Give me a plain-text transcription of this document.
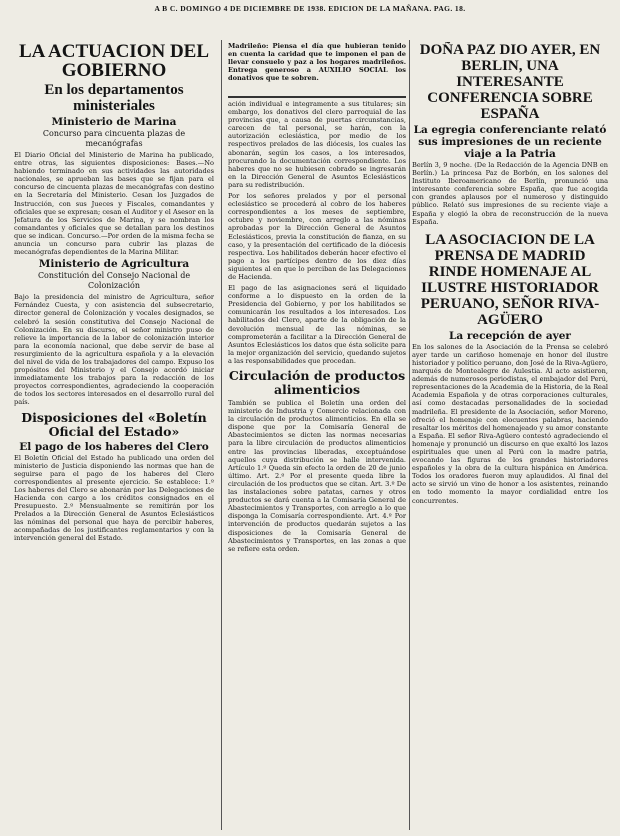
A B C. DOMINGO 4 DE DICIEMBRE DE 1938. EDICION DE LA MAÑANA. PAG. 18.
LA ACTUACION DEL GOBIERNO
En los departamentos ministeriales
Ministerio de Marina
Concurso para cincuenta plazas de mecanógrafas

El Diario Oficial del Ministerio de Marina ha publicado, entre otras, las siguientes disposiciones: Bases.—No habiendo terminado en sus actividades las autoridades nacionales, se aprueban las bases que se fijan para el concurso de cincuenta plazas de mecanógrafas con destino en la Secretaría del Ministerio. Cesan los Juzgados de Instrucción, con sus Jueces y Fiscales, comandantes y oficiales que se expresan; cesan el Auditor y el Asesor en la Jefatura de los Servicios de Marina, y se nombran los comandantes y oficiales que se detallan para los destinos que se indican. Concurso.—Por orden de la misma fecha se anuncia un concurso para cubrir las plazas de mecanógrafas dependientes de la Marina Militar.

Ministerio de Agricultura
Constitución del Consejo Nacional de Colonización

Bajo la presidencia del ministro de Agricultura, señor Fernández Cuesta, y con asistencia del subsecretario, director general de Colonización y vocales designados, se celebró la sesión constitutiva del Consejo Nacional de Colonización. En su discurso, el señor ministro puso de relieve la importancia de la labor de colonización interior para la economía nacional, que debe servir de base al resurgimiento de la agricultura española y a la elevación del nivel de vida de los trabajadores del campo. Expuso los propósitos del Ministerio y el Consejo acordó iniciar inmediatamente los trabajos para la redacción de los proyectos correspondientes, agradeciendo la cooperación de todos los sectores interesados en el desarrollo rural del país.

Disposiciones del «Boletín Oficial del Estado»
El pago de los haberes del Clero

El Boletín Oficial del Estado ha publicado una orden del ministerio de Justicia disponiendo las normas que han de seguirse para el pago de los haberes del Clero correspondientes al presente ejercicio. Se establece: 1.º Los haberes del Clero se abonarán por las Delegaciones de Hacienda con cargo a los créditos consignados en el Presupuesto. 2.º Mensualmente se remitirán por los Prelados a la Dirección General de Asuntos Eclesiásticos las nóminas del personal que haya de percibir haberes, acompañadas de los justificantes reglamentarios y con la intervención general del Estado.

Madrileño: Piensa el día que hubieran tenido en cuenta la caridad que te imponen el pan de llevar consuelo y paz a los hogares madrileños. Entrega generoso a AUXILIO SOCIAL los donativos que te sobren.

ación individual e integramente a sus titulares; sin embargo, los donativos del clero parroquial de las provincias que, a causa de puertas circunstancias, carecen de tal personal, se harán, con la autorización eclesiástica, por medio de los respectivos prelados de las diócesis, los cuales las abonarán, según los casos, a los interesados, procurando la documentación correspondiente. Los haberes que no se hubiesen cobrado se ingresarán en la Dirección General de Asuntos Eclesiásticos para su redistribución.

Por los señores prelados y por el personal eclesiástico se procederá al cobro de los haberes correspondientes a los meses de septiembre, octubre y noviembre, con arreglo a las nóminas aprobadas por la Dirección General de Asuntos Eclesiásticos, previa la constitución de fianza, en su caso, y la presentación del certificado de la diócesis respectiva. Los habilitados deberán hacer efectivo el pago a los partícipes dentro de los diez días siguientes al en que lo perciban de las Delegaciones de Hacienda.

El pago de las asignaciones será el liquidado conforme a lo dispuesto en la orden de la Presidencia del Gobierno, y por los habilitados se comunicarán los resultados a los interesados. Los habilitados del Clero, aparte de la obligación de la devolución mensual de las nóminas, se comprometerán a facilitar a la Dirección General de Asuntos Eclesiásticos los datos que ésta solicite para la mejor organización del servicio, quedando sujetos a las responsabilidades que procedan.

Circulación de productos alimenticios

También se publica el Boletín una orden del ministerio de Industria y Comercio relacionada con la circulación de productos alimenticios. En ella se dispone que por la Comisaría General de Abastecimientos se dicten las normas necesarias para la libre circulación de productos alimenticios entre las provincias liberadas, exceptuándose aquellos cuya distribución se halle intervenida. Artículo 1.º Queda sin efecto la orden de 20 de junio último. Art. 2.º Por el presente queda libre la circulación de los productos que se citan. Art. 3.º De las instalaciones sobre patatas, carnes y otros productos se dará cuenta a la Comisaría General de Abastecimientos y Transportes, con arreglo a lo que disponga la Comisaría correspondiente. Art. 4.º Por intervención de productos quedarán sujetos a las disposiciones de la Comisaría General de Abastecimientos y Transportes, en las zonas a que se refiere esta orden.

DOÑA PAZ DIO AYER, EN BERLIN, UNA INTERESANTE CONFERENCIA SOBRE ESPAÑA
La egregia conferenciante relató sus impresiones de un reciente viaje a la Patria

Berlín 3, 9 noche. (De la Redacción de la Agencia DNB en Berlín.) La princesa Paz de Borbón, en los salones del Instituto Iberoamericano de Berlín, pronunció una interesante conferencia sobre España, que fue acogida con grandes aplausos por el numeroso y distinguido público. Relató sus impresiones de su reciente viaje a España y elogió la obra de reconstrucción de la nueva España.

LA ASOCIACION DE LA PRENSA DE MADRID RINDE HOMENAJE AL ILUSTRE HISTORIADOR PERUANO, SEÑOR RIVA-AGÜERO
La recepción de ayer

En los salones de la Asociación de la Prensa se celebró ayer tarde un cariñoso homenaje en honor del ilustre historiador y político peruano, don José de la Riva-Agüero, marqués de Montealegre de Aulestia. Al acto asistieron, además de numerosos periodistas, el embajador del Perú, representaciones de la Academia de la Historia, de la Real Academia Española y de otras corporaciones culturales, así como destacadas personalidades de la sociedad madrileña. El presidente de la Asociación, señor Moreno, ofreció el homenaje con elocuentes palabras, haciendo resaltar los méritos del homenajeado y su amor constante a España. El señor Riva-Agüero contestó agradeciendo el homenaje y pronunció un discurso en que exaltó los lazos espirituales que unen al Perú con la madre patria, evocando las figuras de los grandes historiadores españoles y la obra de la cultura hispánica en América. Todos los oradores fueron muy aplaudidos. Al final del acto se sirvió un vino de honor a los asistentes, reinando en todo momento la mayor cordialidad entre los concurrentes.
